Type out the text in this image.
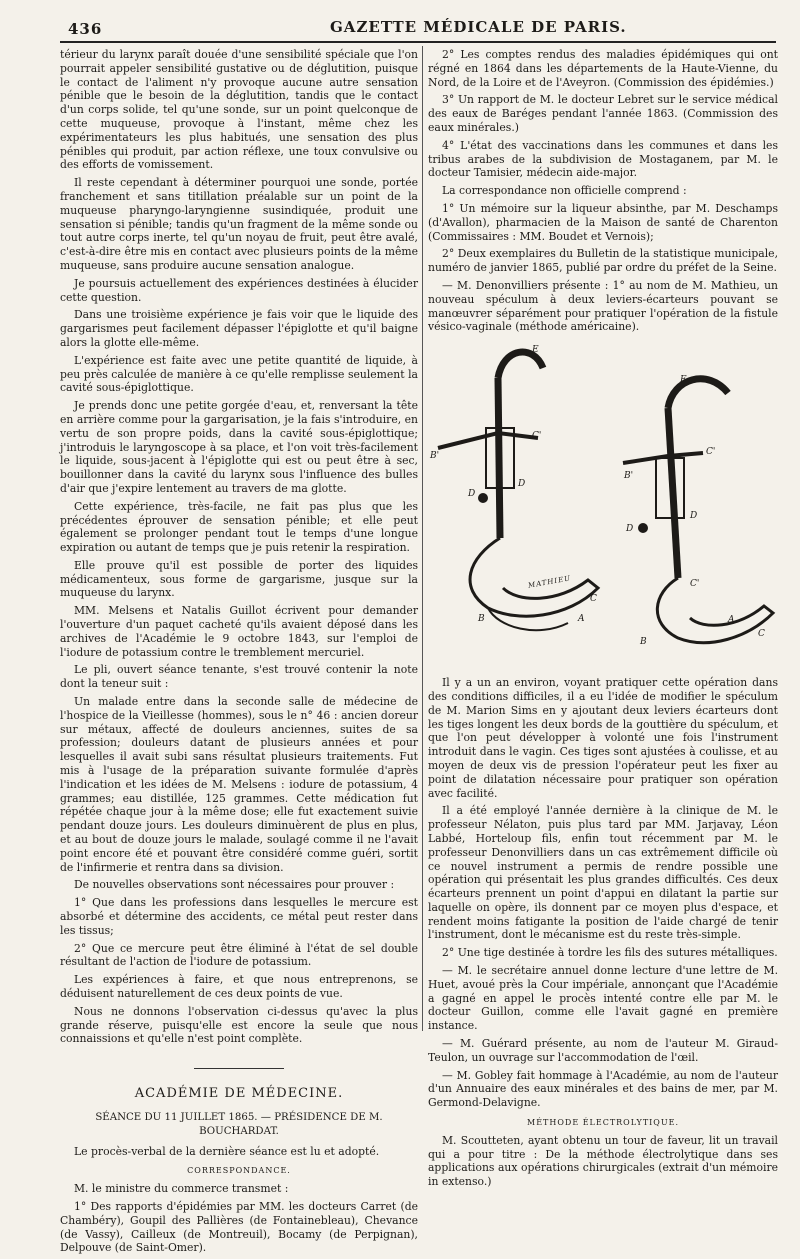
436	GAZETTE MÉDICALE DE PARIS.

térieur du larynx paraît douée d'une sensibilité spéciale que l'on pourrait appeler sensibilité gustative ou de déglutition, puisque le contact de l'aliment n'y provoque aucune autre sensation pénible que le besoin de la déglutition, tandis que le contact d'un corps solide, tel qu'une sonde, sur un point quelconque de cette muqueuse, provoque à l'instant, même chez les expérimentateurs les plus habitués, une sensation des plus pénibles qui produit, par action réflexe, une toux convulsive ou des efforts de vomissement.

Il reste cependant à déterminer pourquoi une sonde, portée franchement et sans titillation préalable sur un point de la muqueuse pharyngo-laryngienne susindiquée, produit une sensation si pénible; tandis qu'un fragment de la même sonde ou tout autre corps inerte, tel qu'un noyau de fruit, peut être avalé, c'est-à-dire être mis en contact avec plusieurs points de la même muqueuse, sans produire aucune sensation analogue.

Je poursuis actuellement des expériences destinées à élucider cette question.

Dans une troisième expérience je fais voir que le liquide des gargarismes peut facilement dépasser l'épiglotte et qu'il baigne alors la glotte elle-même.

L'expérience est faite avec une petite quantité de liquide, à peu près calculée de manière à ce qu'elle remplisse seulement la cavité sous-épiglottique.

Je prends donc une petite gorgée d'eau, et, renversant la tête en arrière comme pour la gargarisation, je la fais s'introduire, en vertu de son propre poids, dans la cavité sous-épiglottique; j'introduis le laryngoscope à sa place, et l'on voit très-facilement le liquide, sous-jacent à l'épiglotte qui est ou peut être à sec, bouillonner dans la cavité du larynx sous l'influence des bulles d'air que j'expire lentement au travers de ma glotte.

Cette expérience, très-facile, ne fait pas plus que les précédentes éprouver de sensation pénible; et elle peut également se prolonger pendant tout le temps d'une longue expiration ou autant de temps que je puis retenir la respiration.

Elle prouve qu'il est possible de porter des liquides médicamenteux, sous forme de gargarisme, jusque sur la muqueuse du larynx.

MM. Melsens et Natalis Guillot écrivent pour demander l'ouverture d'un paquet cacheté qu'ils avaient déposé dans les archives de l'Académie le 9 octobre 1843, sur l'emploi de l'iodure de potassium contre le tremblement mercuriel.

Le pli, ouvert séance tenante, s'est trouvé contenir la note dont la teneur suit :

Un malade entre dans la seconde salle de médecine de l'hospice de la Vieillesse (hommes), sous le n° 46 : ancien doreur sur métaux, affecté de douleurs anciennes, suites de sa profession; douleurs datant de plusieurs années et pour lesquelles il avait subi sans résultat plusieurs traitements. Fut mis à l'usage de la préparation suivante formulée d'après l'indication et les idées de M. Melsens : iodure de potassium, 4 grammes; eau distillée, 125 grammes. Cette médication fut répétée chaque jour à la même dose; elle fut exactement suivie pendant douze jours. Les douleurs diminuèrent de plus en plus, et au bout de douze jours le malade, soulagé comme il ne l'avait point encore été et pouvant être considéré comme guéri, sortit de l'infirmerie et rentra dans sa division.

De nouvelles observations sont nécessaires pour prouver :

1° Que dans les professions dans lesquelles le mercure est absorbé et détermine des accidents, ce métal peut rester dans les tissus;

2° Que ce mercure peut être éliminé à l'état de sel double résultant de l'action de l'iodure de potassium.

Les expériences à faire, et que nous entreprenons, se déduisent naturellement de ces deux points de vue.

Nous ne donnons l'observation ci-dessus qu'avec la plus grande réserve, puisqu'elle est encore la seule que nous connaissions et qu'elle n'est point complète.

ACADÉMIE DE MÉDECINE.
SÉANCE DU 11 JUILLET 1865. — PRÉSIDENCE DE M. BOUCHARDAT.

Le procès-verbal de la dernière séance est lu et adopté.

CORRESPONDANCE.

M. le ministre du commerce transmet :

1° Des rapports d'épidémies par MM. les docteurs Carret (de Chambéry), Goupil des Pallières (de Fontainebleau), Chevance (de Vassy), Cailleux (de Montreuil), Bocamy (de Perpignan), Delpouve (de Saint-Omer).

2° Les comptes rendus des maladies épidémiques qui ont régné en 1864 dans les départements de la Haute-Vienne, du Nord, de la Loire et de l'Aveyron. (Commission des épidémies.)

3° Un rapport de M. le docteur Lebret sur le service médical des eaux de Baréges pendant l'année 1863. (Commission des eaux minérales.)

4° L'état des vaccinations dans les communes et dans les tribus arabes de la subdivision de Mostaganem, par M. le docteur Tamisier, médecin aide-major.

La correspondance non officielle comprend :

1° Un mémoire sur la liqueur absinthe, par M. Deschamps (d'Avallon), pharmacien de la Maison de santé de Charenton (Commissaires : MM. Boudet et Vernois);

2° Deux exemplaires du Bulletin de la statistique municipale, numéro de janvier 1865, publié par ordre du préfet de la Seine.

— M. Denonvilliers présente : 1° au nom de M. Mathieu, un nouveau spéculum à deux leviers-écarteurs pouvant se manœuvrer séparément pour pratiquer l'opération de la fistule vésico-vaginale (méthode américaine).

E
B'
C'
D
D
B	A
C
E
C'
B'
D
D
C'
A
B
C
MATHIEU

Il y a un an environ, voyant pratiquer cette opération dans des conditions difficiles, il a eu l'idée de modifier le spéculum de M. Marion Sims en y ajoutant deux leviers écarteurs dont les tiges longent les deux bords de la gouttière du spéculum, et que l'on peut développer à volonté une fois l'instrument introduit dans le vagin. Ces tiges sont ajustées à coulisse, et au moyen de deux vis de pression l'opérateur peut les fixer au point de dilatation nécessaire pour pratiquer son opération avec facilité.

Il a été employé l'année dernière à la clinique de M. le professeur Nélaton, puis plus tard par MM. Jarjavay, Léon Labbé, Horteloup fils, enfin tout récemment par M. le professeur Denonvilliers dans un cas extrêmement difficile où ce nouvel instrument a permis de rendre possible une opération qui présentait les plus grandes difficultés. Ces deux écarteurs prennent un point d'appui en dilatant la partie sur laquelle on opère, ils donnent par ce moyen plus d'espace, et rendent moins fatigante la position de l'aide chargé de tenir l'instrument, dont le mécanisme est du reste très-simple.

2° Une tige destinée à tordre les fils des sutures métalliques.

— M. le secrétaire annuel donne lecture d'une lettre de M. Huet, avoué près la Cour impériale, annonçant que l'Académie a gagné en appel le procès intenté contre elle par M. le docteur Guillon, comme elle l'avait gagné en première instance.

— M. Guérard présente, au nom de l'auteur M. Giraud-Teulon, un ouvrage sur l'accommodation de l'œil.

— M. Gobley fait hommage à l'Académie, au nom de l'auteur d'un Annuaire des eaux minérales et des bains de mer, par M. Germond-Delavigne.

MÉTHODE ÉLECTROLYTIQUE.

M. Scoutteten, ayant obtenu un tour de faveur, lit un travail qui a pour titre : De la méthode électrolytique dans ses applications aux opérations chirurgicales (extrait d'un mémoire in extenso.)
